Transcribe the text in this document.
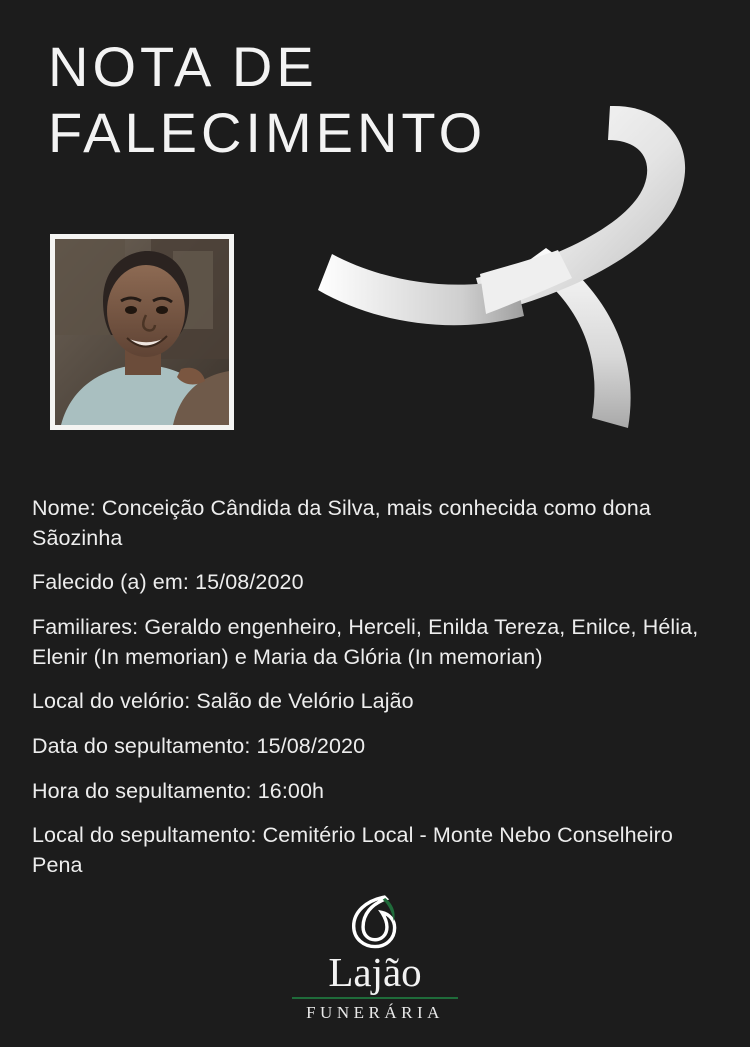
NOTA DE
FALECIMENTO
Nome: Conceição Cândida da Silva, mais conhecida como dona Sãozinha
Falecido (a) em: 15/08/2020
Familiares: Geraldo engenheiro, Herceli, Enilda Tereza, Enilce, Hélia, Elenir (In memorian) e Maria da Glória (In memorian)
Local do velório: Salão de Velório Lajão
Data do sepultamento: 15/08/2020
Hora do sepultamento: 16:00h
Local do sepultamento: Cemitério Local - Monte Nebo Conselheiro Pena
Lajão
FUNERÁRIA
